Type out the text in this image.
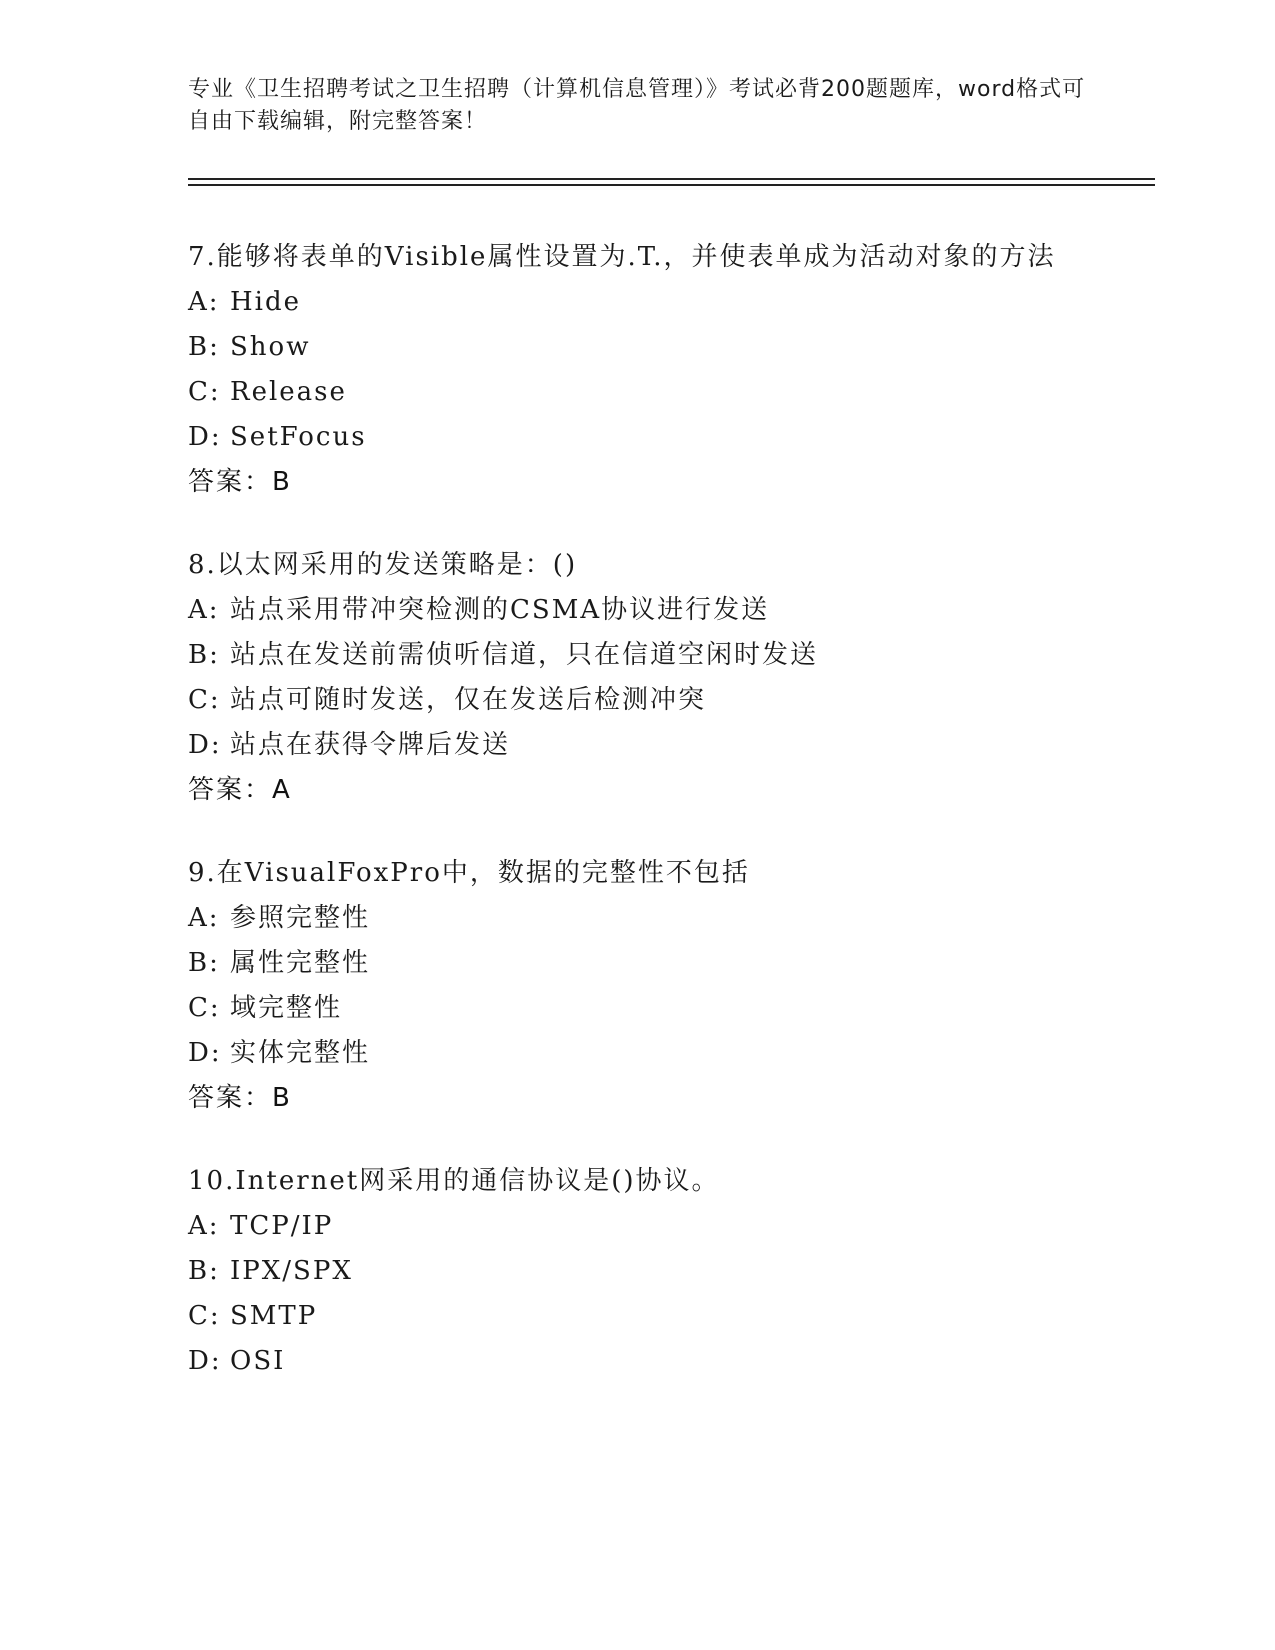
专业《卫生招聘考试之卫生招聘（计算机信息管理）》考试必背200题题库，word格式可自由下载编辑，附完整答案！
7.能够将表单的Visible属性设置为.T.，并使表单成为活动对象的方法
A: Hide
B: Show
C: Release
D: SetFocus
答案：B
8.以太网采用的发送策略是：()
A: 站点采用带冲突检测的CSMA协议进行发送
B: 站点在发送前需侦听信道，只在信道空闲时发送
C: 站点可随时发送，仅在发送后检测冲突
D: 站点在获得令牌后发送
答案：A
9.在VisualFoxPro中，数据的完整性不包括
A: 参照完整性
B: 属性完整性
C: 域完整性
D: 实体完整性
答案：B
10.Internet网采用的通信协议是()协议。
A: TCP/IP
B: IPX/SPX
C: SMTP
D: OSI
